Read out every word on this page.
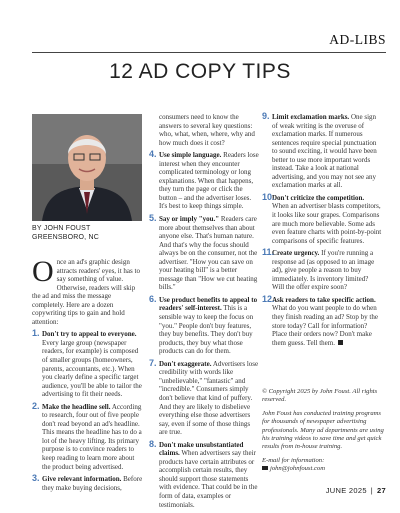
AD-LIBS
12 AD COPY TIPS
BY JOHN FOUST
GREENSBORO, NC

Once an ad's graphic design attracts readers' eyes, it has to say something of value. Otherwise, readers will skip the ad and miss the message completely. Here are a dozen copywriting tips to gain and hold attention:

1. Don't try to appeal to everyone. Every large group (newspaper readers, for example) is composed of smaller groups (homeowners, parents, accountants, etc.). When you clearly define a specific target audience, you'll be able to tailor the advertising to fit their needs.
2. Make the headline sell. According to research, four out of five people don't read beyond an ad's headline. This means the headline has to do a lot of the heavy lifting. Its primary purpose is to convince readers to keep reading to learn more about the product being advertised.
3. Give relevant information. Before they make buying decisions,
consumers need to know the answers to several key questions: who, what, when, where, why and how much does it cost?
4. Use simple language. Readers lose interest when they encounter complicated terminology or long explanations. When that happens, they turn the page or click the button – and the advertiser loses. It's best to keep things simple.
5. Say or imply "you." Readers care more about themselves than about anyone else. That's human nature. And that's why the focus should always be on the consumer, not the advertiser. "How you can save on your heating bill" is a better message than "How we cut heating bills."
6. Use product benefits to appeal to readers' self-interest. This is a sensible way to keep the focus on "you." People don't buy features, they buy benefits. They don't buy products, they buy what those products can do for them.
7. Don't exaggerate. Advertisers lose credibility with words like "unbelievable," "fantastic" and "incredible." Consumers simply don't believe that kind of puffery. And they are likely to disbelieve everything else those advertisers say, even if some of those things are true.
8. Don't make unsubstantiated claims. When advertisers say their products have certain attributes or accomplish certain results, they should support those statements with evidence. That could be in the form of data, examples or testimonials.
9. Limit exclamation marks. One sign of weak writing is the overuse of exclamation marks. If numerous sentences require special punctuation to sound exciting, it would have been better to use more important words instead. Take a look at national advertising, and you may not see any exclamation marks at all.
10.
Don't criticize the competition. When an advertiser blasts competitors, it looks like sour grapes. Comparisons are much more believable. Some ads even feature charts with point-by-point comparisons of specific features.
11.
Create urgency. If you're running a response ad (as opposed to an image ad), give people a reason to buy immediately. Is inventory limited? Will the offer expire soon?
12.
Ask readers to take specific action. What do you want people to do when they finish reading an ad? Stop by the store today? Call for information? Place their orders now? Don't make them guess. Tell them.

© Copyright 2025 by John Foust. All rights reserved.

John Foust has conducted training programs for thousands of newspaper advertising professionals. Many ad departments are using his training videos to save time and get quick results from in-house training.

E-mail for information:
john@johnfoust.com

JUNE 2025 | 27
